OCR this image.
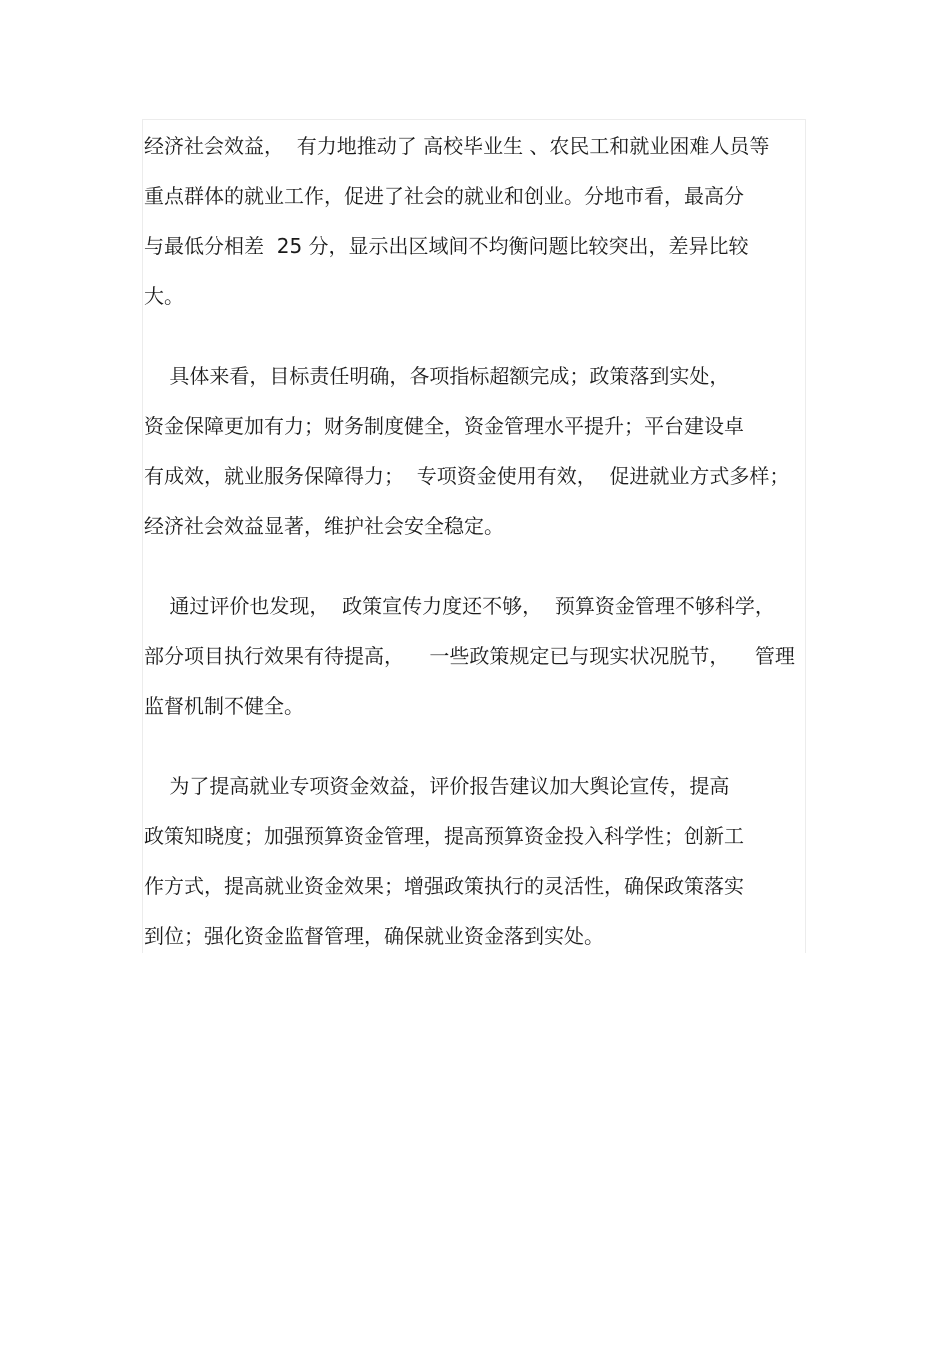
经济社会效益，  有力地推动了 高校毕业生 、农民工和就业困难人员等
重点群体的就业工作，促进了社会的就业和创业。分地市看，最高分
与最低分相差  25 分，显示出区域间不均衡问题比较突出，差异比较
大。
具体来看，目标责任明确，各项指标超额完成；政策落到实处，
资金保障更加有力；财务制度健全，资金管理水平提升；平台建设卓
有成效，就业服务保障得力；  专项资金使用有效，  促进就业方式多样；
经济社会效益显著，维护社会安全稳定。
通过评价也发现，  政策宣传力度还不够，  预算资金管理不够科学，
部分项目执行效果有待提高，    一些政策规定已与现实状况脱节，    管理
监督机制不健全。
为了提高就业专项资金效益，评价报告建议加大舆论宣传，提高
政策知晓度；加强预算资金管理，提高预算资金投入科学性；创新工
作方式，提高就业资金效果；增强政策执行的灵活性，确保政策落实
到位；强化资金监督管理，确保就业资金落到实处。
